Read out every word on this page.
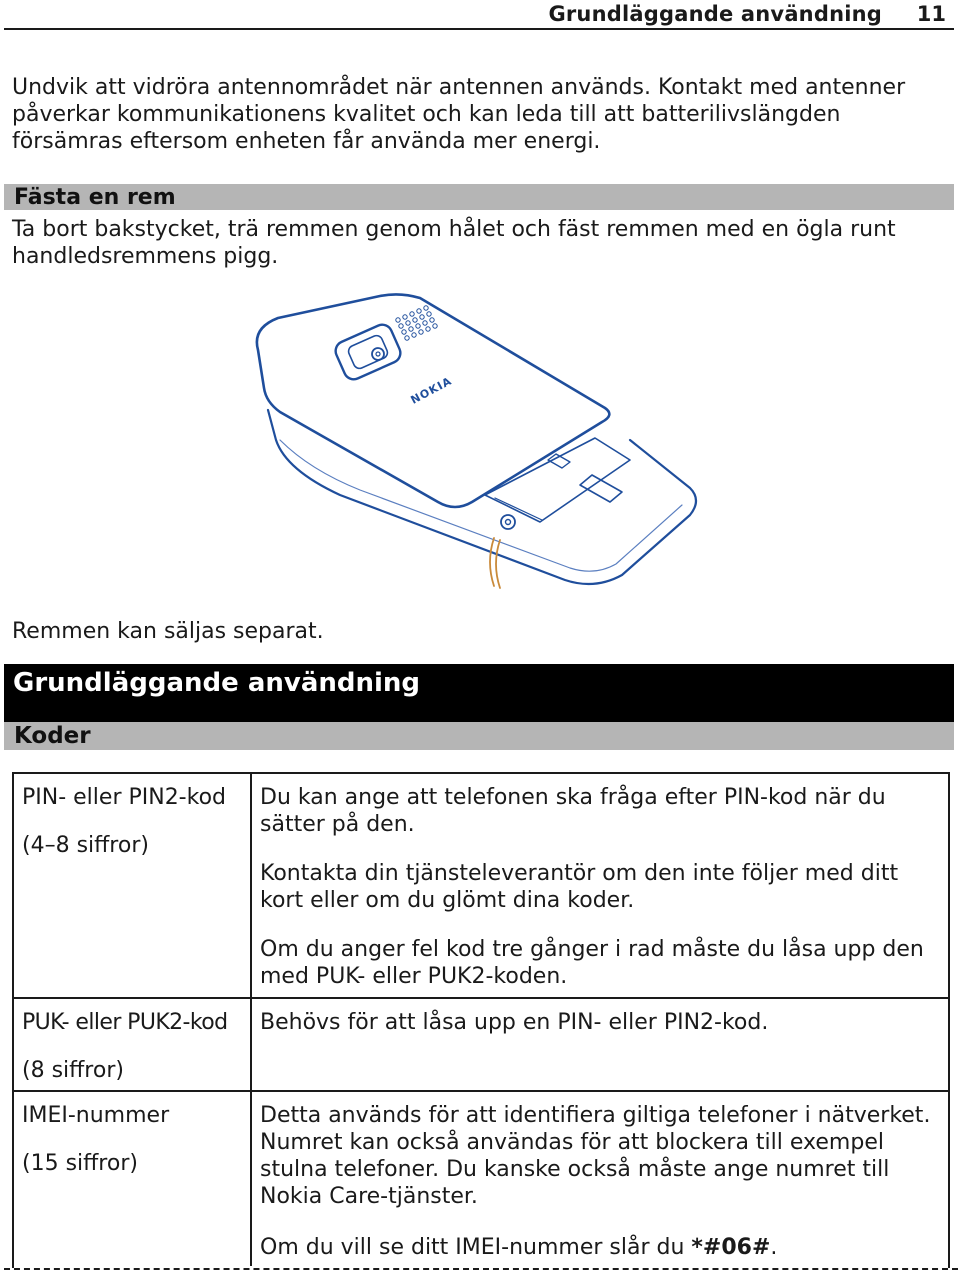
Grundläggande användning 11

Undvik att vidröra antennområdet när antennen används. Kontakt med antenner påverkar kommunikationens kvalitet och kan leda till att batterilivslängden försämras eftersom enheten får använda mer energi.

Fästa en rem

Ta bort bakstycket, trä remmen genom hålet och fäst remmen med en ögla runt handledsremmens pigg.

NOKIA

Remmen kan säljas separat.

Grundläggande användning
Koder

PIN- eller PIN2-kod

(4–8 siffror)

Du kan ange att telefonen ska fråga efter PIN-kod när du sätter på den.

Kontakta din tjänsteleverantör om den inte följer med ditt kort eller om du glömt dina koder.

Om du anger fel kod tre gånger i rad måste du låsa upp den med PUK- eller PUK2-koden.

PUK- eller PUK2-kod

(8 siffror)

Behövs för att låsa upp en PIN- eller PIN2-kod.

IMEI-nummer

(15 siffror)

Detta används för att identifiera giltiga telefoner i nätverket. Numret kan också användas för att blockera till exempel stulna telefoner. Du kanske också måste ange numret till Nokia Care-tjänster.

Om du vill se ditt IMEI-nummer slår du *#06#.
